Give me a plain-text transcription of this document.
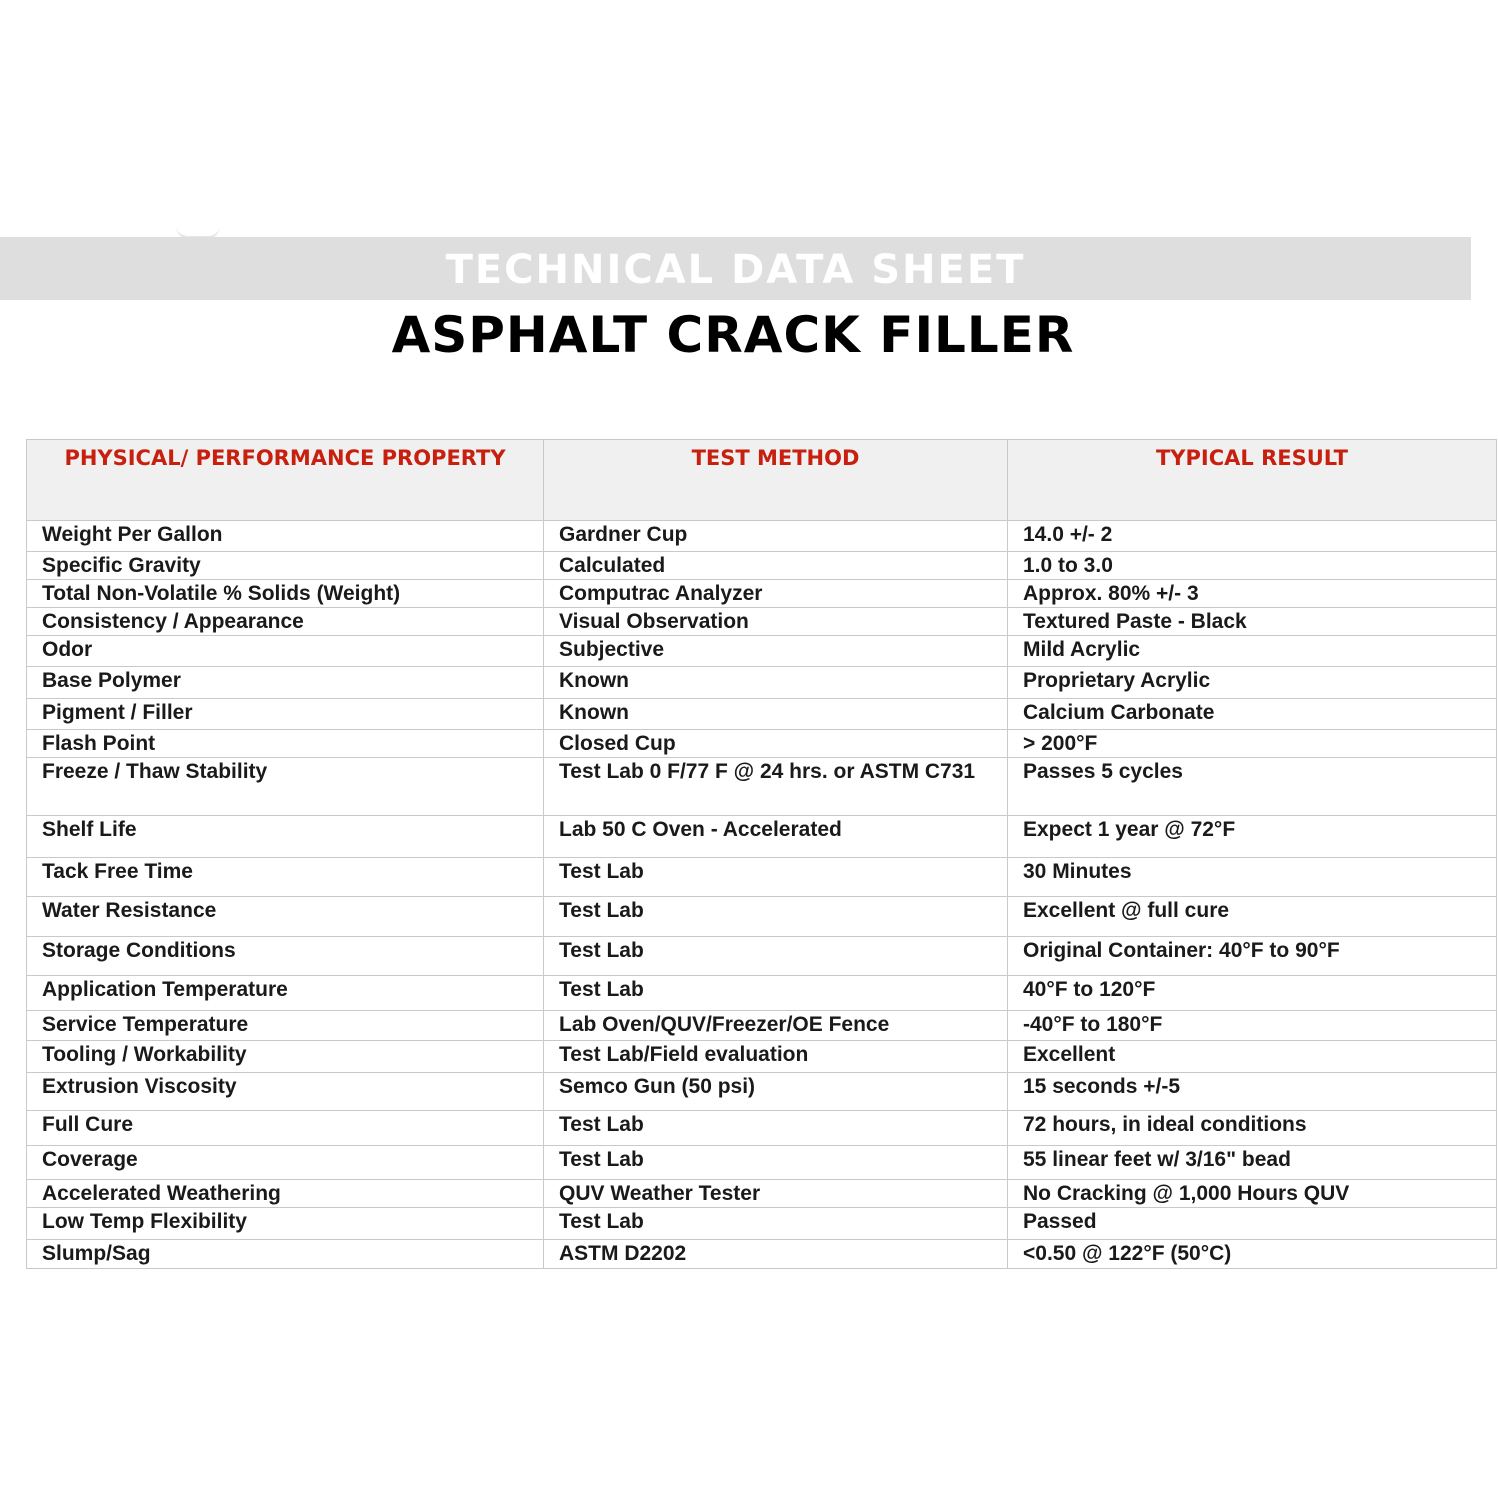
TECHNICAL DATA SHEET
ASPHALT CRACK FILLER
PHYSICAL/ PERFORMANCE PROPERTY	TEST METHOD	TYPICAL RESULT
Weight Per Gallon	Gardner Cup	14.0 +/- 2
Specific Gravity	Calculated	1.0 to 3.0
Total Non-Volatile % Solids (Weight)	Computrac Analyzer	Approx. 80% +/- 3
Consistency / Appearance	Visual Observation	Textured Paste - Black
Odor	Subjective	Mild Acrylic
Base Polymer	Known	Proprietary Acrylic
Pigment / Filler	Known	Calcium Carbonate
Flash Point	Closed Cup	> 200°F
Freeze / Thaw Stability	Test Lab 0 F/77 F @ 24 hrs. or ASTM C731	Passes 5 cycles
Shelf Life	Lab 50 C Oven - Accelerated	Expect 1 year @ 72°F
Tack Free Time	Test Lab	30 Minutes
Water Resistance	Test Lab	Excellent @ full cure
Storage Conditions	Test Lab	Original Container: 40°F to 90°F
Application Temperature	Test Lab	40°F to 120°F
Service Temperature	Lab Oven/QUV/Freezer/OE Fence	-40°F to 180°F
Tooling / Workability	Test Lab/Field evaluation	Excellent
Extrusion Viscosity	Semco Gun (50 psi)	15 seconds +/-5
Full Cure	Test Lab	72 hours, in ideal conditions
Coverage	Test Lab	55 linear feet w/ 3/16" bead
Accelerated Weathering	QUV Weather Tester	No Cracking @ 1,000 Hours QUV
Low Temp Flexibility	Test Lab	Passed
Slump/Sag	ASTM D2202	<0.50 @ 122°F (50°C)
